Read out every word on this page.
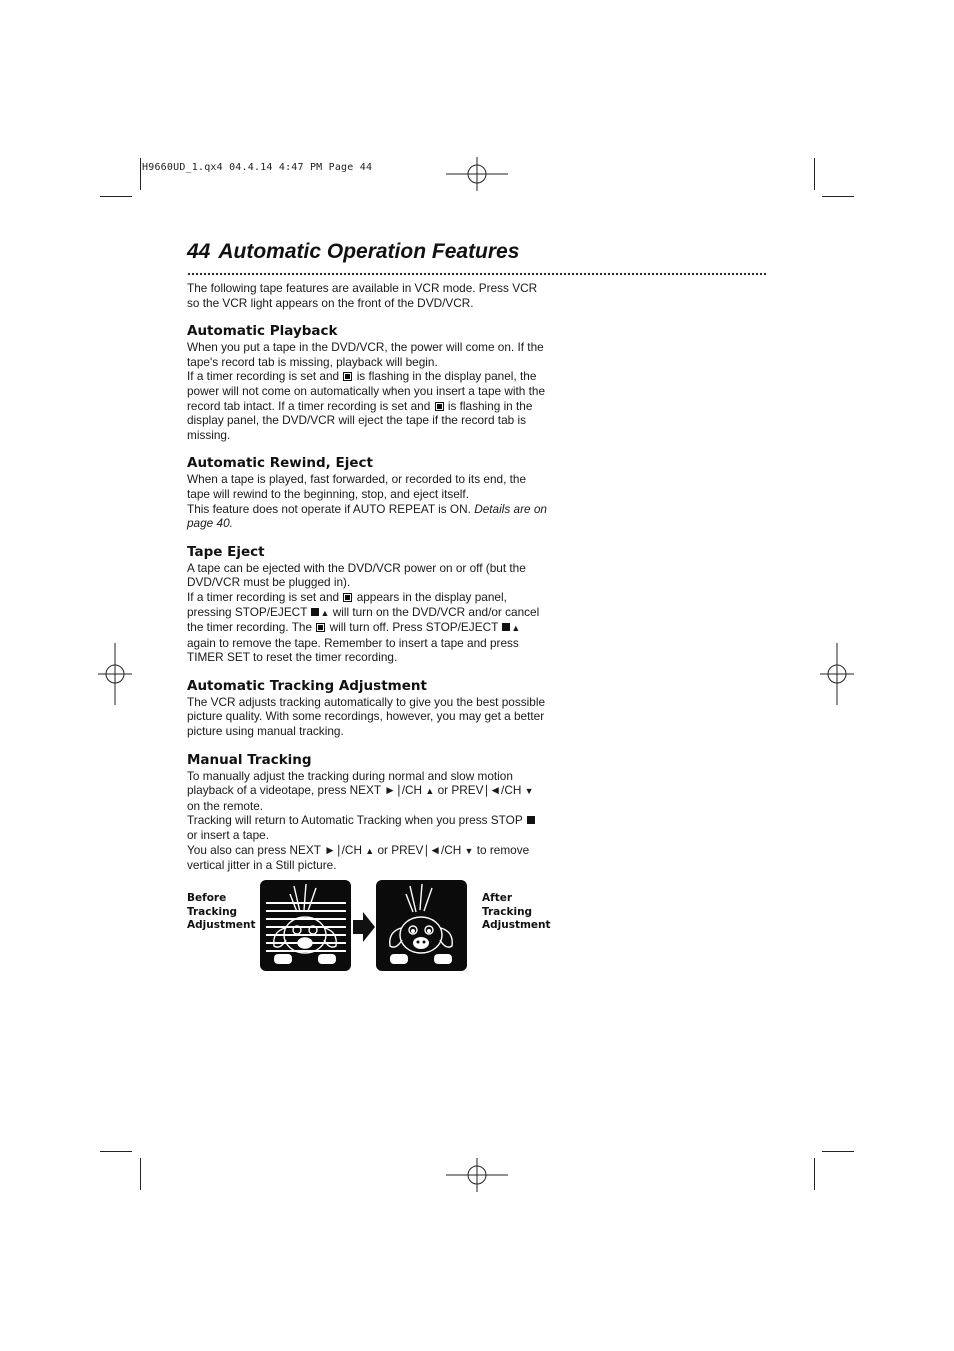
H9660UD_1.qx4 04.4.14 4:47 PM Page 44
44 Automatic Operation Features

The following tape features are available in VCR mode. Press VCR so the VCR light appears on the front of the DVD/VCR.

Automatic Playback

When you put a tape in the DVD/VCR, the power will come on. If the tape's record tab is missing, playback will begin.

If a timer recording is set and is flashing in the display panel, the power will not come on automatically when you insert a tape with the record tab intact. If a timer recording is set and is flashing in the display panel, the DVD/VCR will eject the tape if the record tab is missing.

Automatic Rewind, Eject

When a tape is played, fast forwarded, or recorded to its end, the tape will rewind to the beginning, stop, and eject itself.

This feature does not operate if AUTO REPEAT is ON. Details are on page 40.

Tape Eject

A tape can be ejected with the DVD/VCR power on or off (but the DVD/VCR must be plugged in).

If a timer recording is set and appears in the display panel, pressing STOP/EJECT ▲ will turn on the DVD/VCR and/or cancel the timer recording. The will turn off. Press STOP/EJECT ▲ again to remove the tape. Remember to insert a tape and press TIMER SET to reset the timer recording.

Automatic Tracking Adjustment

The VCR adjusts tracking automatically to give you the best possible picture quality. With some recordings, however, you may get a better picture using manual tracking.

Manual Tracking

To manually adjust the tracking during normal and slow motion playback of a videotape, press NEXT ►∣/CH ▲ or PREV∣◄/CH ▼ on the remote.

Tracking will return to Automatic Tracking when you press STOP  or insert a tape.

You also can press NEXT ►∣/CH ▲ or PREV∣◄/CH ▼ to remove vertical jitter in a Still picture.

Before
Tracking
Adjustment
After
Tracking
Adjustment
